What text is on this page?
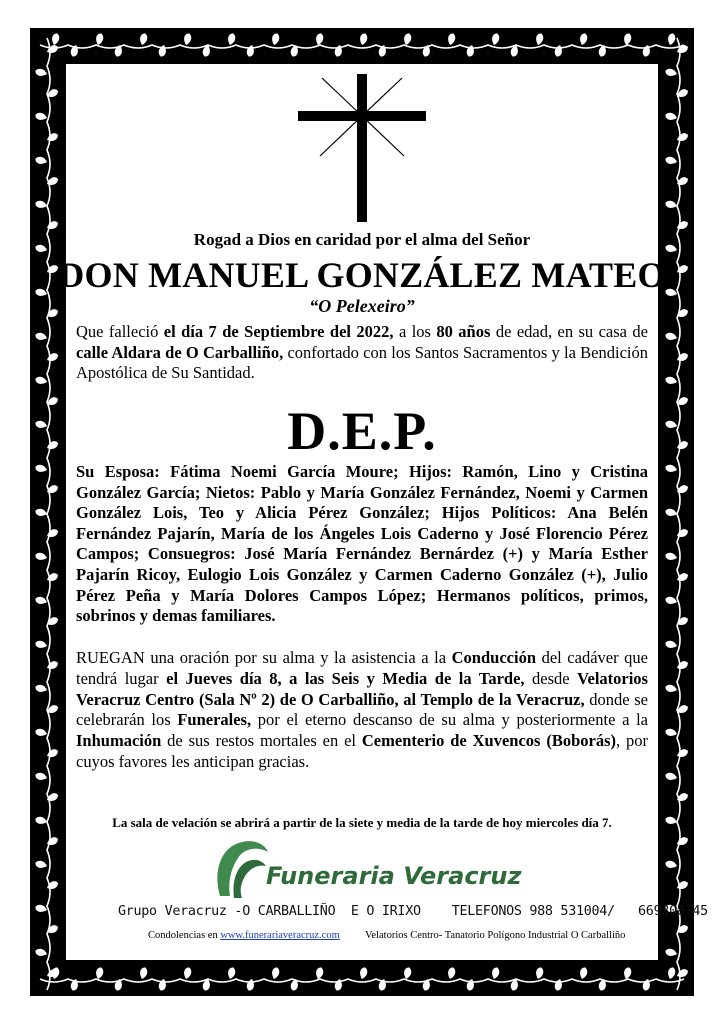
Rogad a Dios en caridad por el alma del Señor

DON MANUEL GONZÁLEZ MATEO

“O Pelexeiro”

Que falleció el día 7 de Septiembre del 2022, a los 80 años de edad, en su casa de calle Aldara de O Carballiño, confortado con los Santos Sacramentos y la Bendición Apostólica de Su Santidad.

D.E.P.

Su Esposa: Fátima Noemi García Moure; Hijos: Ramón, Lino y Cristina González García; Nietos: Pablo y María González Fernández, Noemi y Carmen González Lois, Teo y Alicia Pérez González; Hijos Políticos: Ana Belén Fernández Pajarín, María de los Ángeles Lois Caderno y José Florencio Pérez Campos; Consuegros: José María Fernández Bernárdez (+) y María Esther Pajarín Ricoy, Eulogio Lois González y Carmen Caderno González (+), Julio Pérez Peña y María Dolores Campos López; Hermanos políticos, primos, sobrinos y demas familiares.

RUEGAN una oración por su alma y la asistencia a la Conducción del cadáver que tendrá lugar el Jueves día 8, a las Seis y Media de la Tarde, desde Velatorios Veracruz Centro (Sala Nº 2) de O Carballiño, al Templo de la Veracruz, donde se celebrarán los Funerales, por el eterno descanso de su alma y posteriormente a la Inhumación de sus restos mortales en el Cementerio de Xuvencos (Boborás), por cuyos favores les anticipan gracias.

La sala de velación se abrirá a partir de la siete y media de la tarde de hoy miercoles día 7.

Funeraria Veracruz

Grupo Veracruz -O CARBALLIÑO  E O IRIXO    TELEFONOS 988 531004/   669308745

Condolencias en www.funerariaveracruz.com Velatorios Centro- Tanatorio Polígono Industrial O Carballiño
